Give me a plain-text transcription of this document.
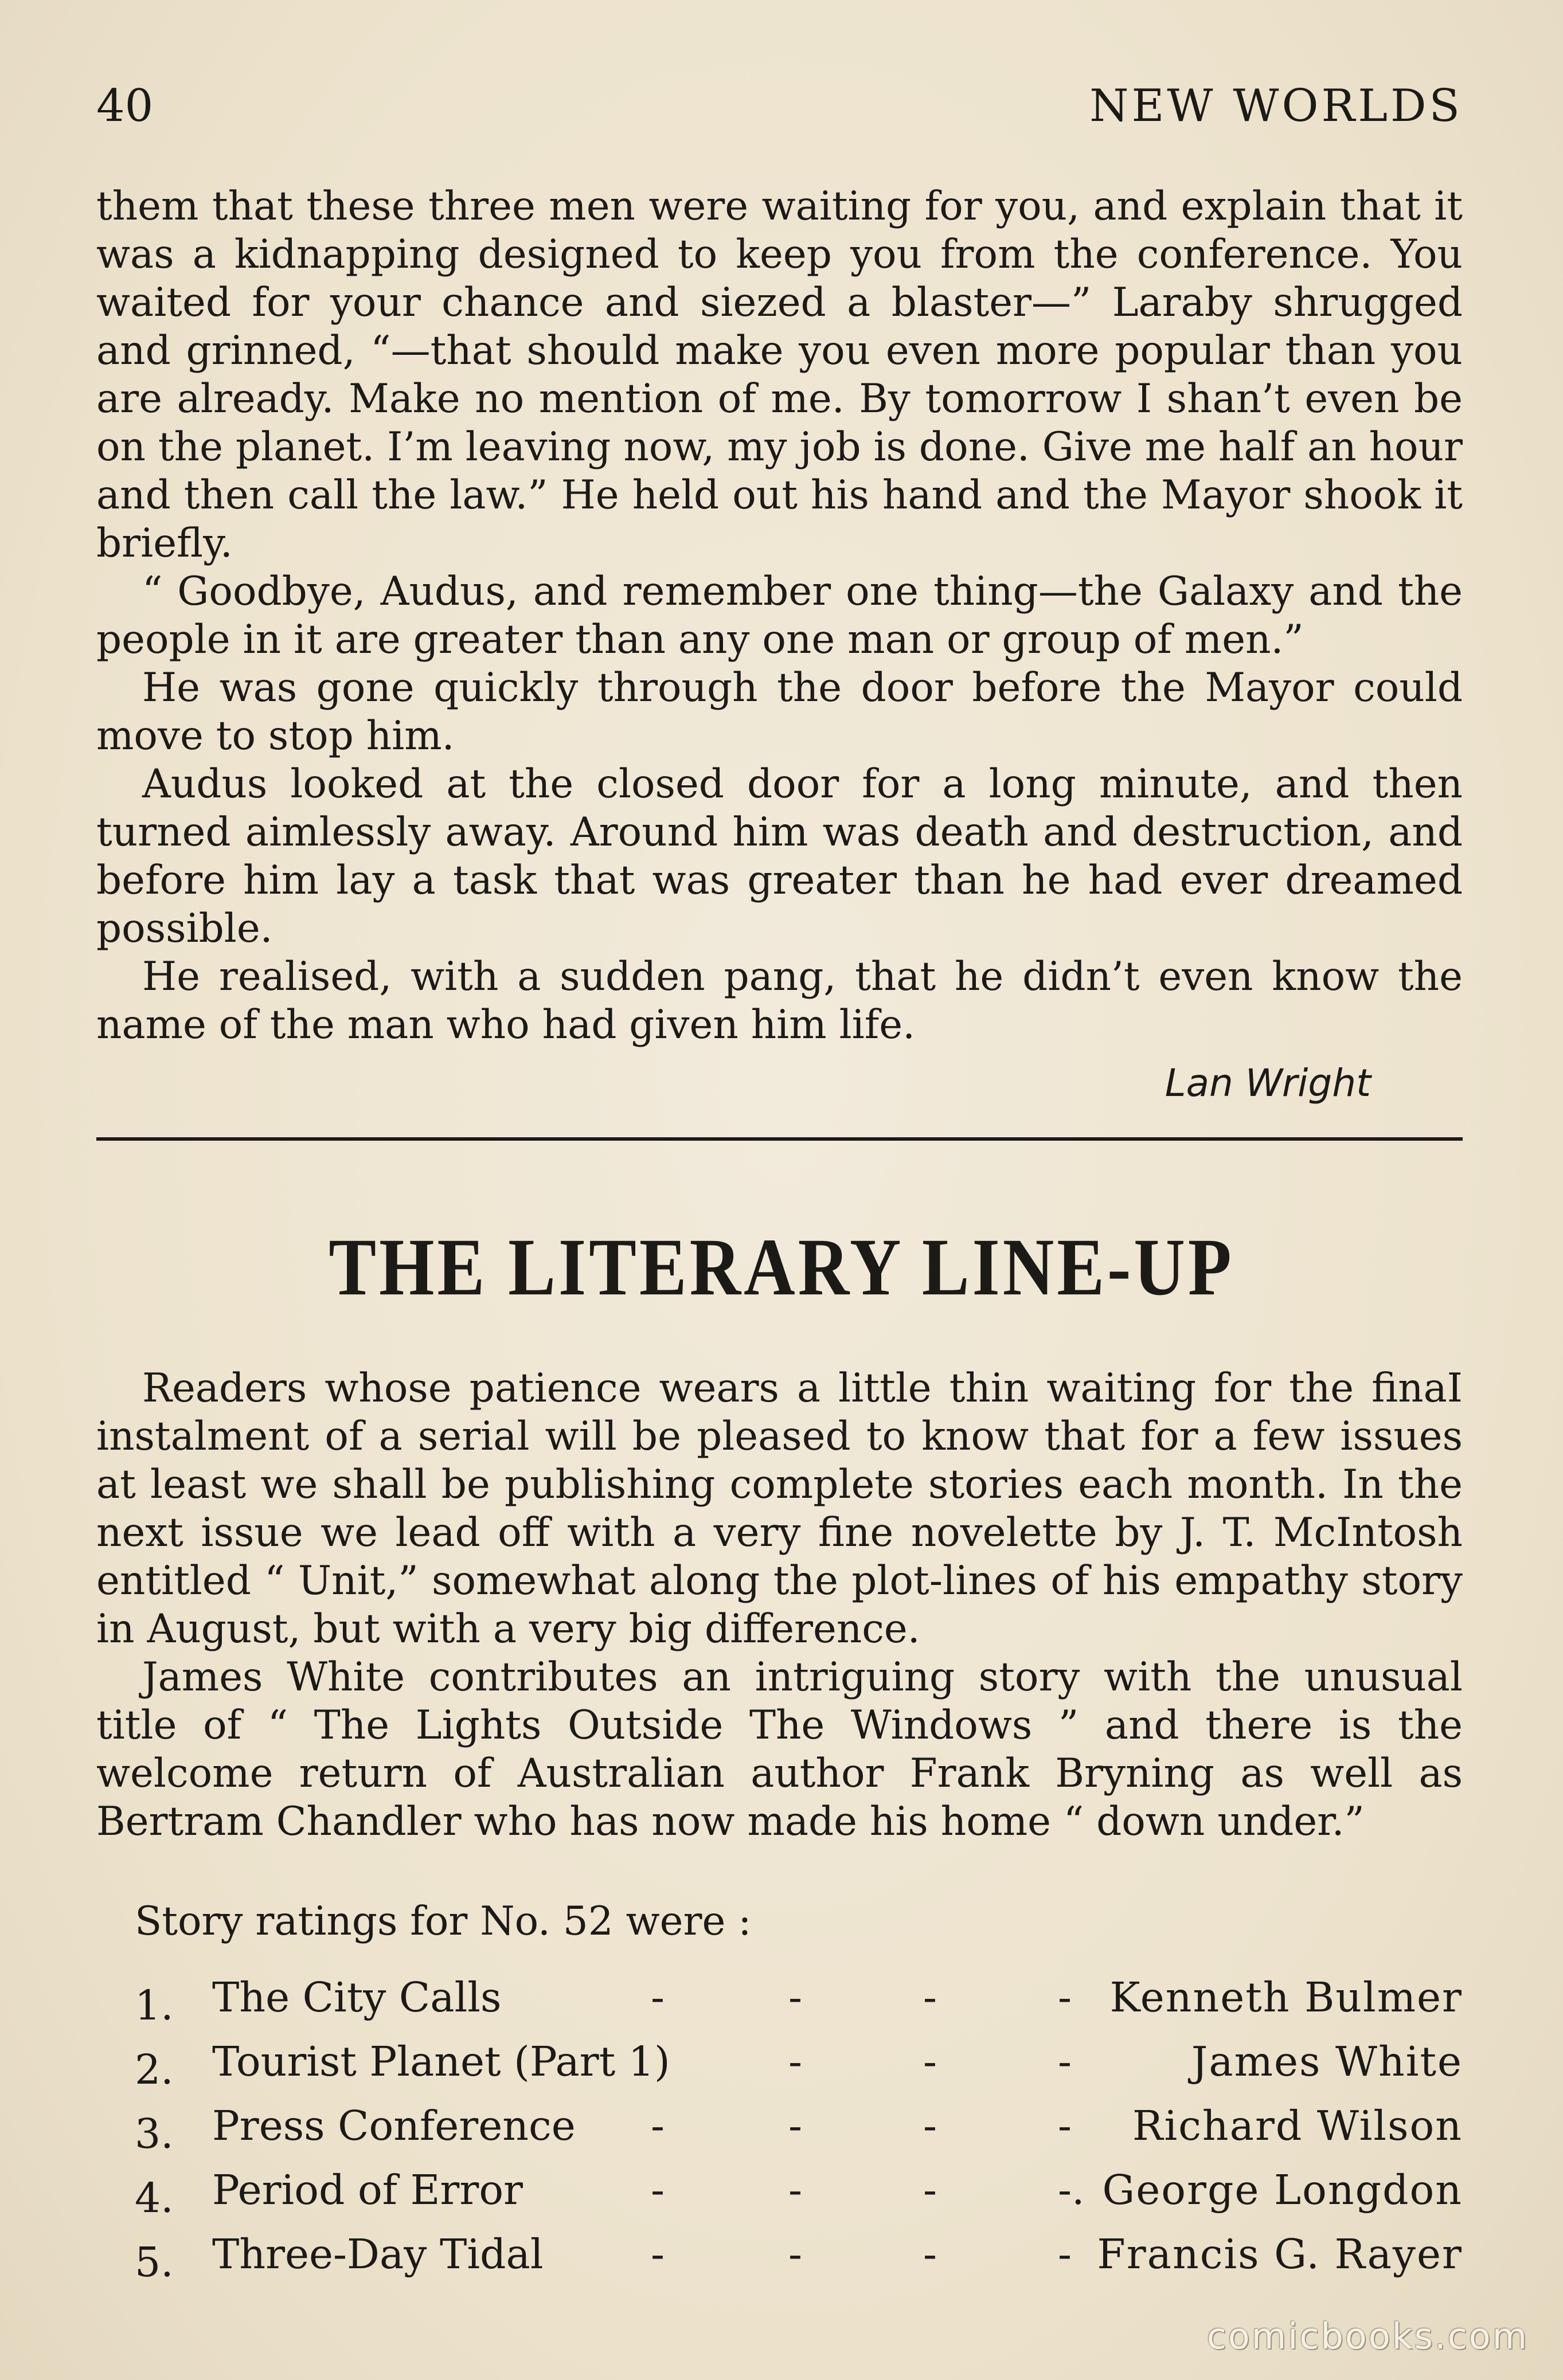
40	NEW WORLDS

them that these three men were waiting for you, and explain that it was a kidnapping designed to keep you from the conference. You waited for your chance and siezed a blaster—” Laraby shrugged and grinned, “—that should make you even more popular than you are already. Make no mention of me. By tomorrow I shan’t even be on the planet. I’m leaving now, my job is done. Give me half an hour and then call the law.” He held out his hand and the Mayor shook it briefly.

“ Goodbye, Audus, and remember one thing—the Galaxy and the people in it are greater than any one man or group of men.”

He was gone quickly through the door before the Mayor could move to stop him.

Audus looked at the closed door for a long minute, and then turned aimlessly away. Around him was death and destruction, and before him lay a task that was greater than he had ever dreamed possible.

He realised, with a sudden pang, that he didn’t even know the name of the man who had given him life.

Lan Wright
THE LITERARY LINE-UP

Readers whose patience wears a little thin waiting for the finaI instalment of a serial will be pleased to know that for a few issues at least we shall be publishing complete stories each month. In the next issue we lead off with a very fine novelette by J. T. McIntosh entitled “ Unit,” somewhat along the plot-lines of his empathy story in August, but with a very big difference.

James White contributes an intriguing story with the unusual title of “ The Lights Outside The Windows ” and there is the welcome return of Australian author Frank Bryning as well as Bertram Chandler who has now made his home “ down under.”

Story ratings for No. 52 were :
1. The City Calls	-	-	-	- Kenneth Bulmer
2. Tourist Planet (Part 1)	-	-	-	James White
3. Press Conference -	-	-	- Richard Wilson
4. Period of Error	-	-	-	-. George Longdon
5. Three-Day Tidal	-	-	-	- Francis G. Rayer
comicbooks.com
